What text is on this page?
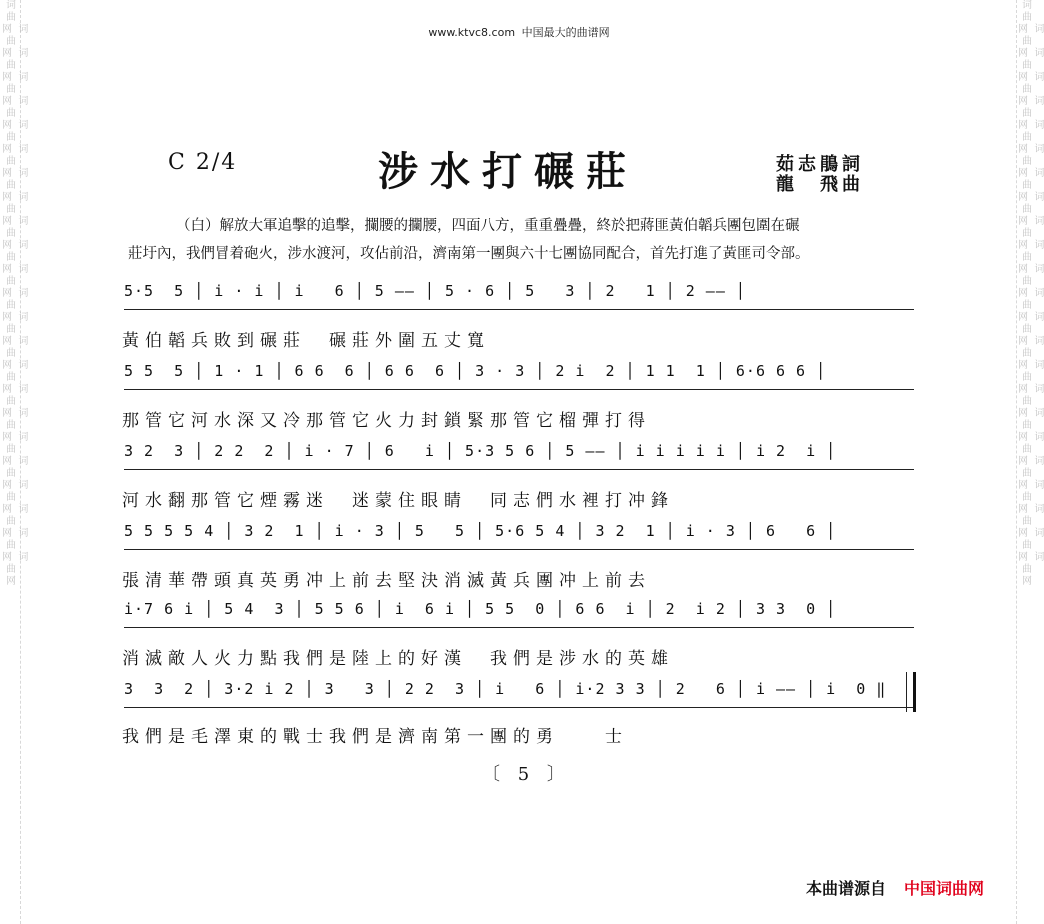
词曲网  词曲网  词曲网  词曲网  词曲网  词曲网  词曲网  词曲网  词曲网  词曲网  词曲网  词曲网  词曲网  词曲网  词曲网  词曲网  词曲网  词曲网  词曲网  词曲网  词曲网  词曲网  词曲网  词曲网
词曲网  词曲网  词曲网  词曲网  词曲网  词曲网  词曲网  词曲网  词曲网  词曲网  词曲网  词曲网  词曲网  词曲网  词曲网  词曲网  词曲网  词曲网  词曲网  词曲网  词曲网  词曲网  词曲网  词曲网
www.ktvc8.com 中国最大的曲谱网
C 2/4	涉水打碾莊	茹志鵑詞
龍　飛曲
（白）解放大軍追擊的追擊，攔腰的攔腰，四面八方，重重疊疊，終於把蔣匪黃伯韜兵團包圍在碾
莊圩內，我們冒着砲火，涉水渡河，攻佔前沿，濟南第一團與六十七團協同配合，首先打進了黃匪司令部。
5·5  5 │ i · i │ i   6 │ 5 —— │ 5 · 6 │ 5   3 │ 2   1 │ 2 —— │
黃伯韜兵敗到碾莊　碾莊外圍五丈寬
5 5  5 │ 1 · 1 │ 6 6  6 │ 6 6  6 │ 3 · 3 │ 2 i  2 │ 1 1  1 │ 6·6 6 6 │
那管它河水深又冷那管它火力封鎖緊那管它榴彈打得
3 2  3 │ 2 2  2 │ i · 7 │ 6   i │ 5·3 5 6 │ 5 —— │ i i i i i │ i 2  i │
河水翻那管它煙霧迷　迷蒙住眼睛　同志們水裡打冲鋒
5 5 5 5 4 │ 3 2  1 │ i · 3 │ 5   5 │ 5·6 5 4 │ 3 2  1 │ i · 3 │ 6   6 │
張清華帶頭真英勇冲上前去堅決消滅黃兵團冲上前去
i·7 6 i │ 5 4  3 │ 5 5 6 │ i  6 i │ 5 5  0 │ 6 6  i │ 2  i 2 │ 3 3  0 │
消滅敵人火力點我們是陸上的好漢　我們是涉水的英雄
3  3  2 │ 3·2 i 2 │ 3   3 │ 2 2  3 │ i   6 │ i·2 3 3 │ 2   6 │ i —— │ i  0 ‖
我們是毛澤東的戰士我們是濟南第一團的勇　　士
〔 5 〕
本曲谱源自 中国词曲网
